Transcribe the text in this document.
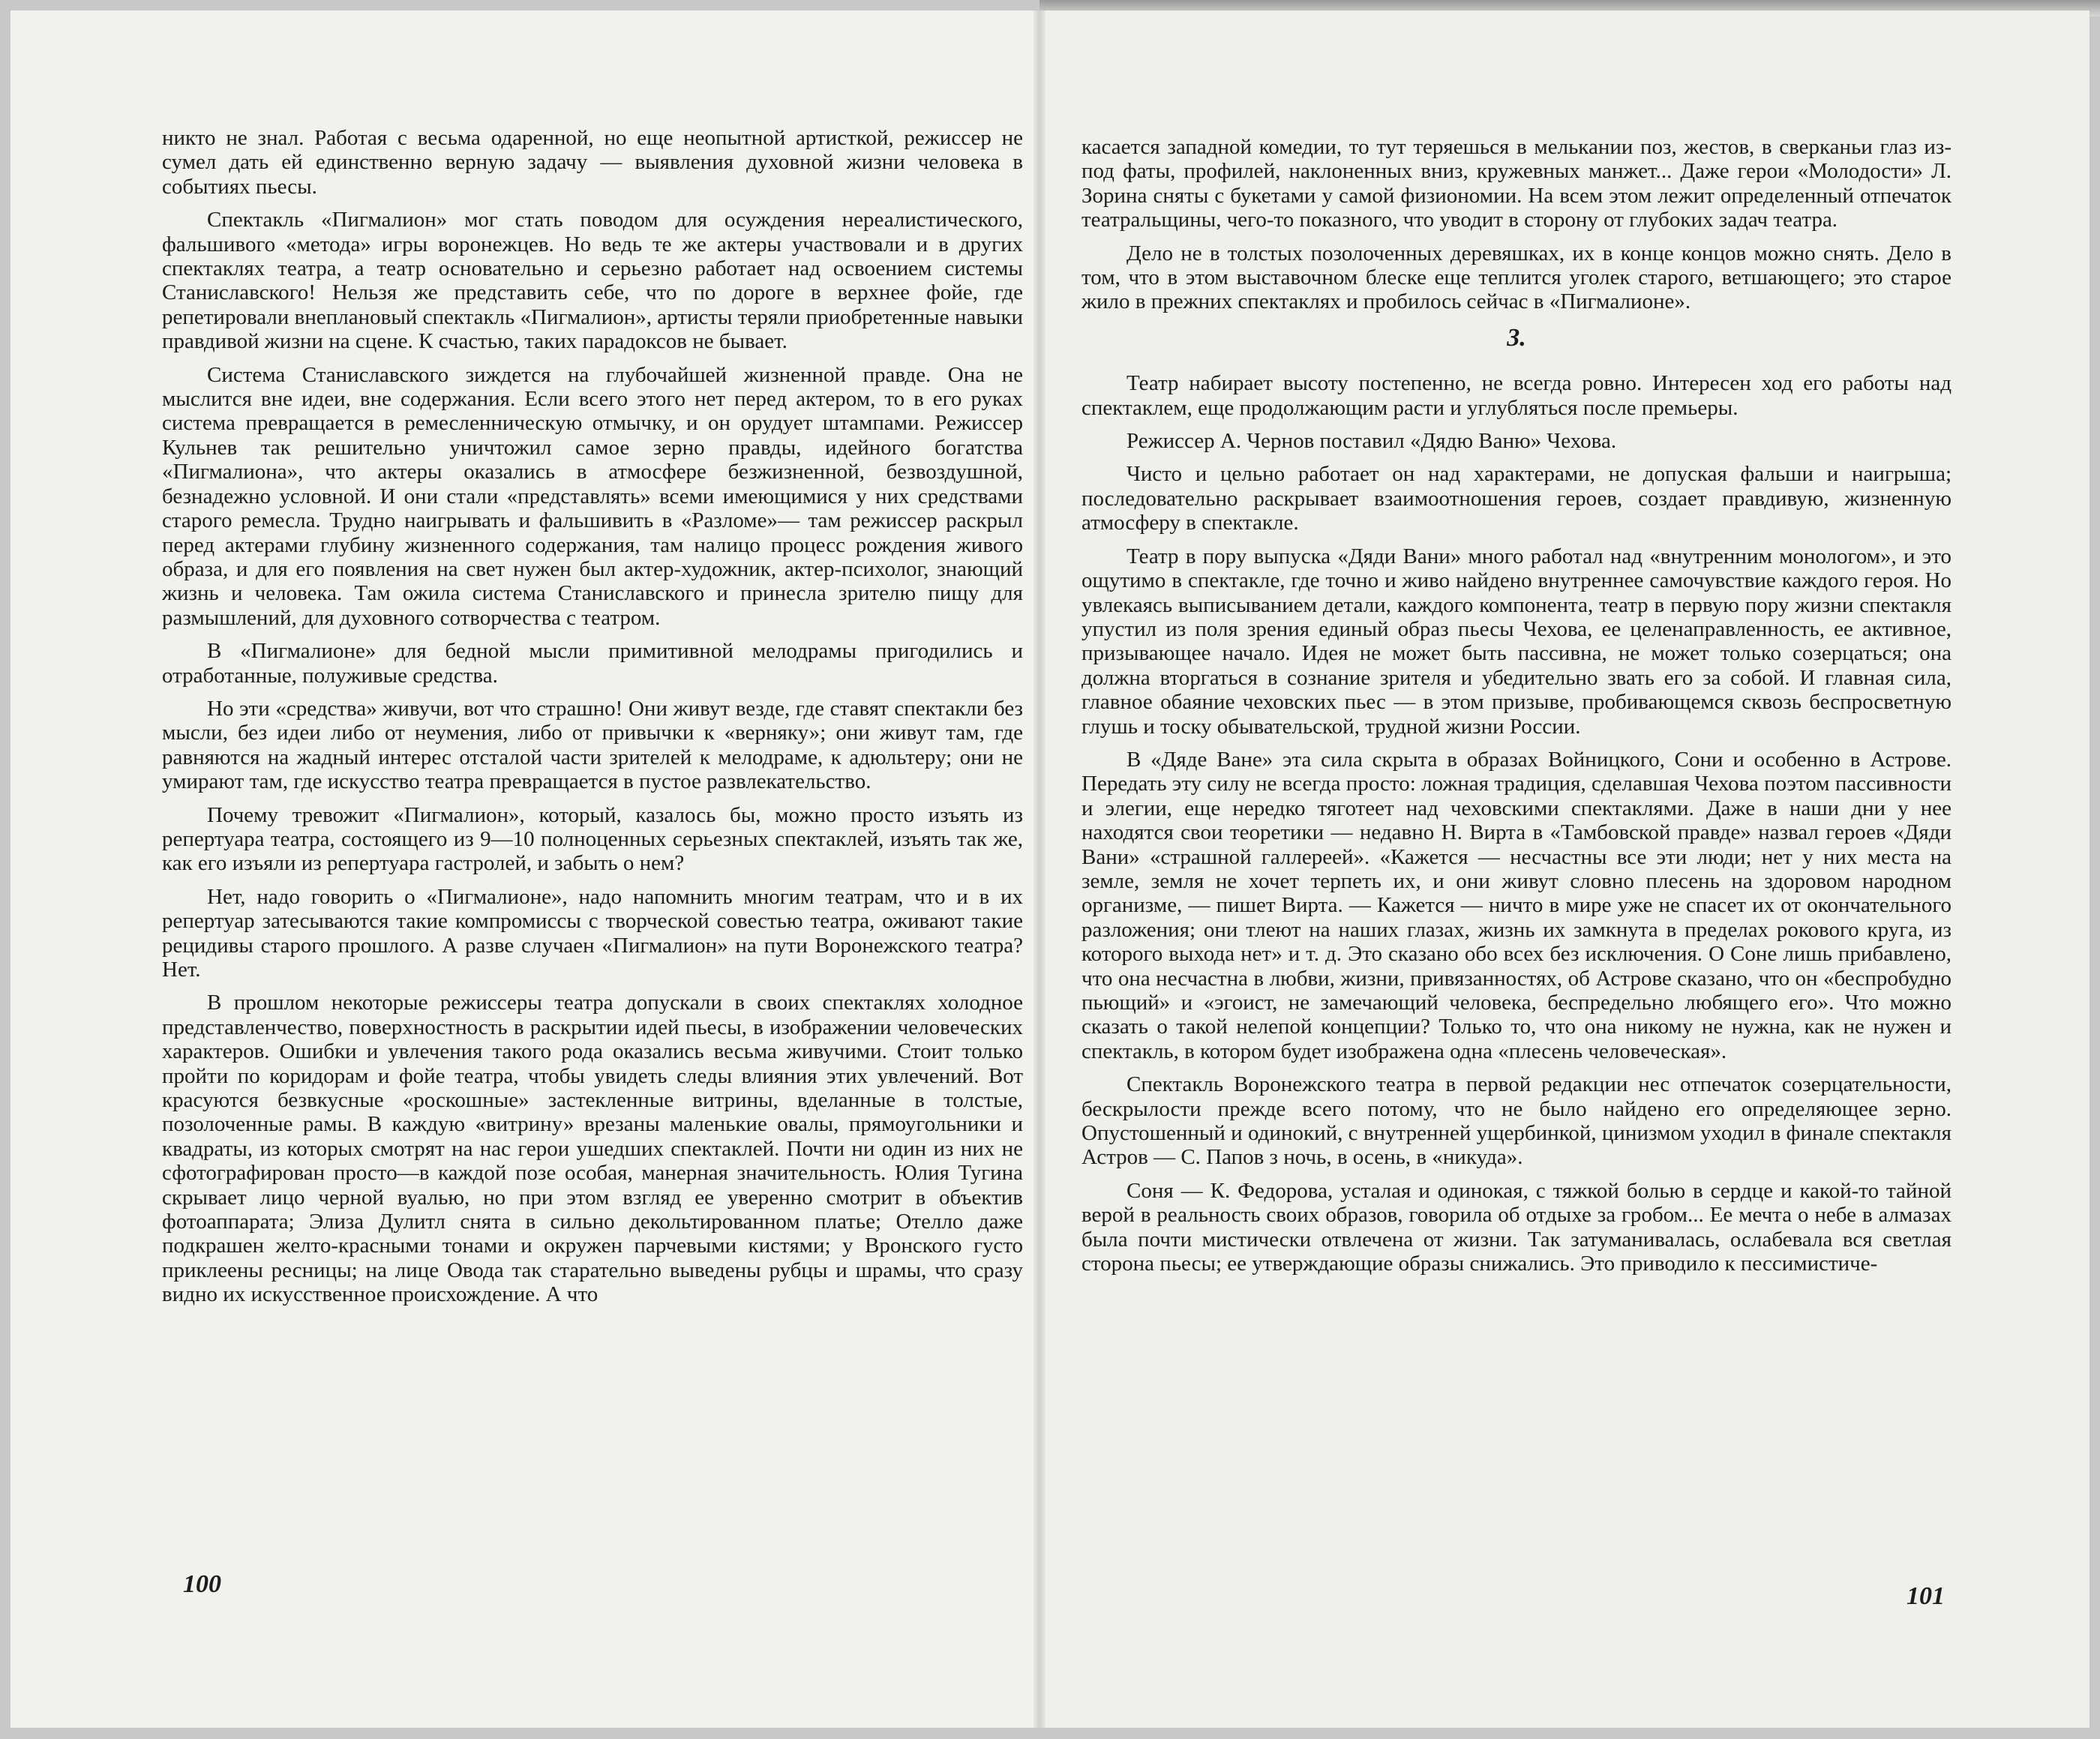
никто не знал. Работая с весьма одаренной, но еще неопытной артисткой, режиссер не сумел дать ей единственно верную задачу — выявления духовной жизни человека в событиях пьесы.

Спектакль «Пигмалион» мог стать поводом для осуждения нереалистического, фальшивого «метода» игры воронежцев. Но ведь те же актеры участвовали и в других спектаклях театра, а театр основательно и серьезно работает над освоением системы Станиславского! Нельзя же представить себе, что по дороге в верхнее фойе, где репетировали внеплановый спектакль «Пигмалион», артисты теряли приобретенные навыки правдивой жизни на сцене. К счастью, таких парадоксов не бывает.

Система Станиславского зиждется на глубочайшей жизненной правде. Она не мыслится вне идеи, вне содержания. Если всего этого нет перед актером, то в его руках система превращается в ремесленническую отмычку, и он орудует штампами. Режиссер Кульнев так решительно уничтожил самое зерно правды, идейного богатства «Пигмалиона», что актеры оказались в атмосфере безжизненной, безвоздушной, безнадежно условной. И они стали «представлять» всеми имеющимися у них средствами старого ремесла. Трудно наигрывать и фальшивить в «Разломе»— там режиссер раскрыл перед актерами глубину жизненного содержания, там налицо процесс рождения живого образа, и для его появления на свет нужен был актер-художник, актер-психолог, знающий жизнь и человека. Там ожила система Станиславского и принесла зрителю пищу для размышлений, для духовного сотворчества с театром.

В «Пигмалионе» для бедной мысли примитивной мелодрамы пригодились и отработанные, полуживые средства.

Но эти «средства» живучи, вот что страшно! Они живут везде, где ставят спектакли без мысли, без идеи либо от неумения, либо от привычки к «верняку»; они живут там, где равняются на жадный интерес отсталой части зрителей к мелодраме, к адюльтеру; они не умирают там, где искусство театра превращается в пустое развлекательство.

Почему тревожит «Пигмалион», который, казалось бы, можно просто изъять из репертуара театра, состоящего из 9—10 полноценных серьезных спектаклей, изъять так же, как его изъяли из репертуара гастролей, и забыть о нем?

Нет, надо говорить о «Пигмалионе», надо напомнить многим театрам, что и в их репертуар затесываются такие компромиссы с творческой совестью театра, оживают такие рецидивы старого прошлого. А разве случаен «Пигмалион» на пути Воронежского театра? Нет.

В прошлом некоторые режиссеры театра допускали в своих спектаклях холодное представленчество, поверхностность в раскрытии идей пьесы, в изображении человеческих характеров. Ошибки и увлечения такого рода оказались весьма живучими. Стоит только пройти по коридорам и фойе театра, чтобы увидеть следы влияния этих увлечений. Вот красуются безвкусные «роскошные» застекленные витрины, вделанные в толстые, позолоченные рамы. В каждую «витрину» врезаны маленькие овалы, прямоугольники и квадраты, из которых смотрят на нас герои ушедших спектаклей. Почти ни один из них не сфотографирован просто—в каждой позе особая, манерная значительность. Юлия Тугина скрывает лицо черной вуалью, но при этом взгляд ее уверенно смотрит в объектив фотоаппарата; Элиза Дулитл снята в сильно декольтированном платье; Отелло даже подкрашен желто-красными тонами и окружен парчевыми кистями; у Вронского густо приклеены ресницы; на лице Овода так старательно выведены рубцы и шрамы, что сразу видно их искусственное происхождение. А что

100

касается западной комедии, то тут теряешься в мелькании поз, жестов, в сверканьи глаз из-под фаты, профилей, наклоненных вниз, кружевных манжет... Даже герои «Молодости» Л. Зорина сняты с букетами у самой физиономии. На всем этом лежит определенный отпечаток театральщины, чего-то показного, что уводит в сторону от глубоких задач театра.

Дело не в толстых позолоченных деревяшках, их в конце концов можно снять. Дело в том, что в этом выставочном блеске еще теплится уголек старого, ветшающего; это старое жило в прежних спектаклях и пробилось сейчас в «Пигмалионе».

3.

Театр набирает высоту постепенно, не всегда ровно. Интересен ход его работы над спектаклем, еще продолжающим расти и углубляться после премьеры.

Режиссер А. Чернов поставил «Дядю Ваню» Чехова.

Чисто и цельно работает он над характерами, не допуская фальши и наигрыша; последовательно раскрывает взаимоотношения героев, создает правдивую, жизненную атмосферу в спектакле.

Театр в пору выпуска «Дяди Вани» много работал над «внутренним монологом», и это ощутимо в спектакле, где точно и живо найдено внутреннее самочувствие каждого героя. Но увлекаясь выписыванием детали, каждого компонента, театр в первую пору жизни спектакля упустил из поля зрения единый образ пьесы Чехова, ее целенаправленность, ее активное, призывающее начало. Идея не может быть пассивна, не может только созерцаться; она должна вторгаться в сознание зрителя и убедительно звать его за собой. И главная сила, главное обаяние чеховских пьес — в этом призыве, пробивающемся сквозь беспросветную глушь и тоску обывательской, трудной жизни России.

В «Дяде Ване» эта сила скрыта в образах Войницкого, Сони и особенно в Астрове. Передать эту силу не всегда просто: ложная традиция, сделавшая Чехова поэтом пассивности и элегии, еще нередко тяготеет над чеховскими спектаклями. Даже в наши дни у нее находятся свои теоретики — недавно Н. Вирта в «Тамбовской правде» назвал героев «Дяди Вани» «страшной галлереей». «Кажется — несчастны все эти люди; нет у них места на земле, земля не хочет терпеть их, и они живут словно плесень на здоровом народном организме, — пишет Вирта. — Кажется — ничто в мире уже не спасет их от окончательного разложения; они тлеют на наших глазах, жизнь их замкнута в пределах рокового круга, из которого выхода нет» и т. д. Это сказано обо всех без исключения. О Соне лишь прибавлено, что она несчастна в любви, жизни, привязанностях, об Астрове сказано, что он «беспробудно пьющий» и «эгоист, не замечающий человека, беспредельно любящего его». Что можно сказать о такой нелепой концепции? Только то, что она никому не нужна, как не нужен и спектакль, в котором будет изображена одна «плесень человеческая».

Спектакль Воронежского театра в первой редакции нес отпечаток созерцательности, бескрылости прежде всего потому, что не было найдено его определяющее зерно. Опустошенный и одинокий, с внутренней ущербинкой, цинизмом уходил в финале спектакля Астров — С. Папов з ночь, в осень, в «никуда».

Соня — К. Федорова, усталая и одинокая, с тяжкой болью в сердце и какой-то тайной верой в реальность своих образов, говорила об отдыхе за гробом... Ее мечта о небе в алмазах была почти мистически отвлечена от жизни. Так затуманивалась, ослабевала вся светлая сторона пьесы; ее утверждающие образы снижались. Это приводило к пессимистиче-

101
